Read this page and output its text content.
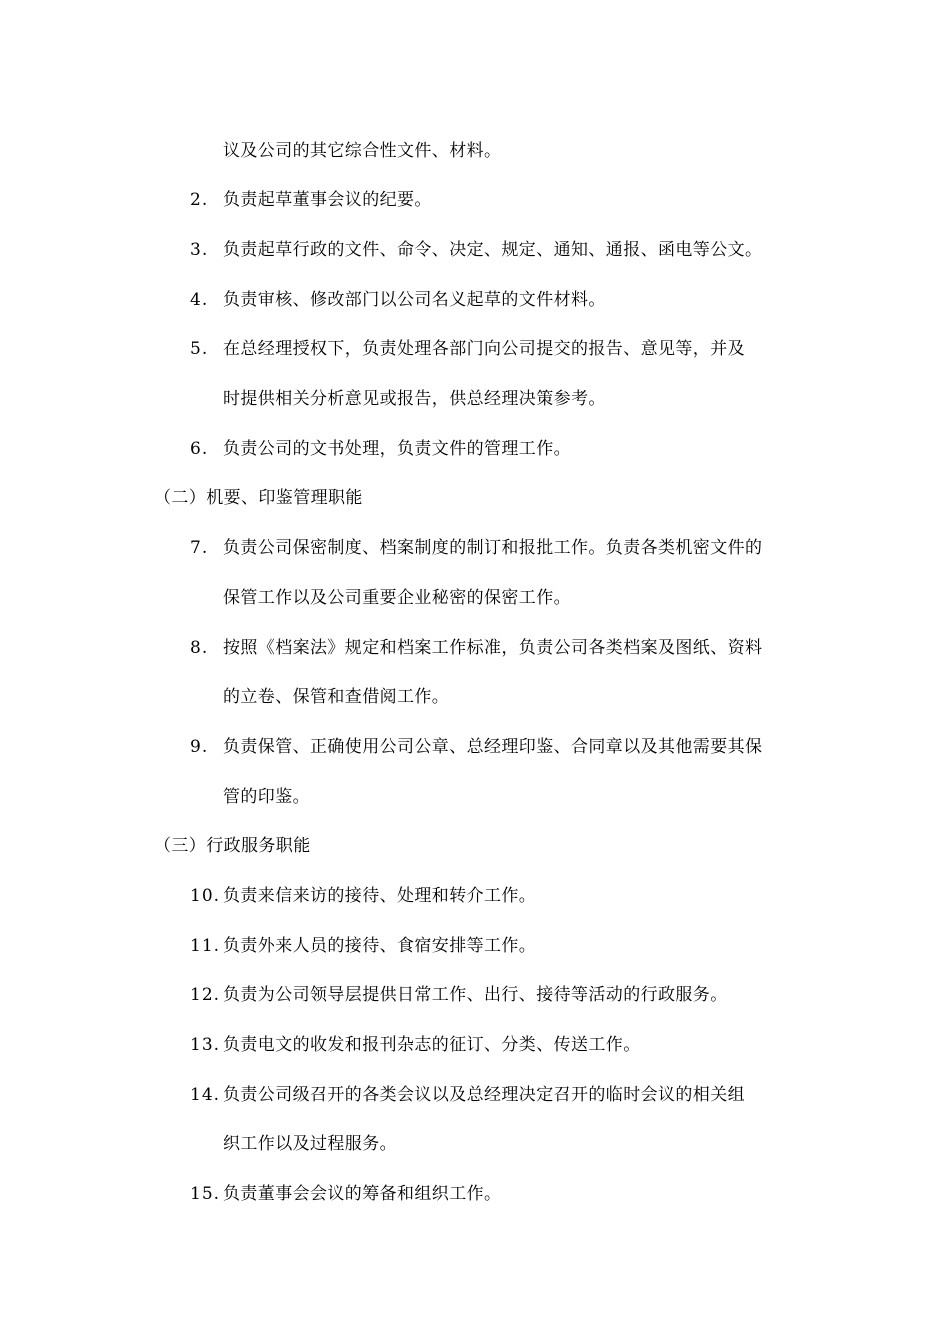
议及公司的其它综合性文件、材料。
2. 负责起草董事会议的纪要。
3. 负责起草行政的文件、命令、决定、规定、通知、通报、函电等公文。
4. 负责审核、修改部门以公司名义起草的文件材料。
5. 在总经理授权下，负责处理各部门向公司提交的报告、意见等，并及
时提供相关分析意见或报告，供总经理决策参考。
6. 负责公司的文书处理，负责文件的管理工作。
（二）机要、印鉴管理职能
7. 负责公司保密制度、档案制度的制订和报批工作。负责各类机密文件的
保管工作以及公司重要企业秘密的保密工作。
8. 按照《档案法》规定和档案工作标准，负责公司各类档案及图纸、资料
的立卷、保管和查借阅工作。
9. 负责保管、正确使用公司公章、总经理印鉴、合同章以及其他需要其保
管的印鉴。
（三）行政服务职能
10. 负责来信来访的接待、处理和转介工作。
11. 负责外来人员的接待、食宿安排等工作。
12. 负责为公司领导层提供日常工作、出行、接待等活动的行政服务。
13. 负责电文的收发和报刊杂志的征订、分类、传送工作。
14. 负责公司级召开的各类会议以及总经理决定召开的临时会议的相关组
织工作以及过程服务。
15. 负责董事会会议的筹备和组织工作。
